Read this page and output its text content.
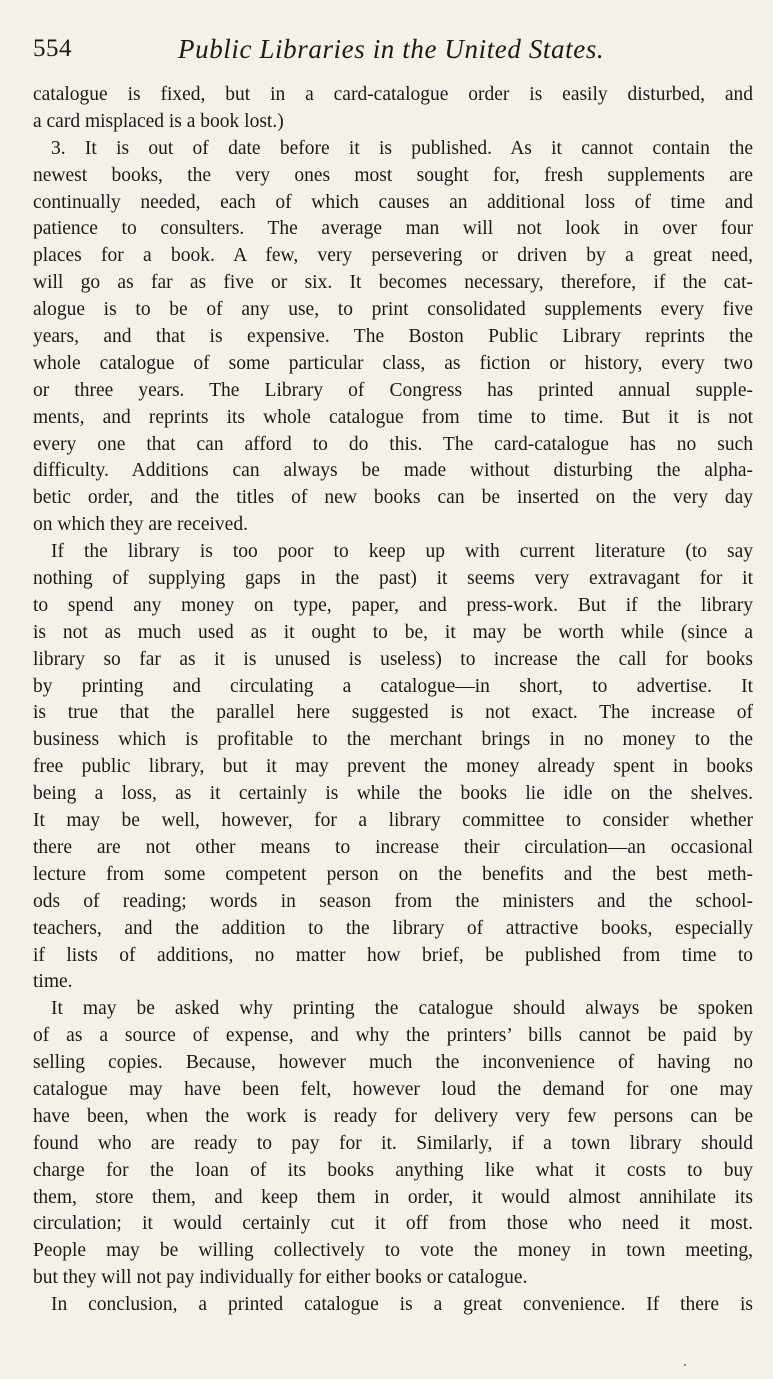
554	Public Libraries in the United States.
catalogue is fixed, but in a card-catalogue order is easily disturbed, and
a card misplaced is a book lost.)
3. It is out of date before it is published. As it cannot contain the
newest books, the very ones most sought for, fresh supplements are
continually needed, each of which causes an additional loss of time and
patience to consulters. The average man will not look in over four
places for a book. A few, very persevering or driven by a great need,
will go as far as five or six. It becomes necessary, therefore, if the cat-
alogue is to be of any use, to print consolidated supplements every five
years, and that is expensive. The Boston Public Library reprints the
whole catalogue of some particular class, as fiction or history, every two
or three years. The Library of Congress has printed annual supple-
ments, and reprints its whole catalogue from time to time. But it is not
every one that can afford to do this. The card-catalogue has no such
difficulty. Additions can always be made without disturbing the alpha-
betic order, and the titles of new books can be inserted on the very day
on which they are received.
If the library is too poor to keep up with current literature (to say
nothing of supplying gaps in the past) it seems very extravagant for it
to spend any money on type, paper, and press-work. But if the library
is not as much used as it ought to be, it may be worth while (since a
library so far as it is unused is useless) to increase the call for books
by printing and circulating a catalogue—in short, to advertise. It
is true that the parallel here suggested is not exact. The increase of
business which is profitable to the merchant brings in no money to the
free public library, but it may prevent the money already spent in books
being a loss, as it certainly is while the books lie idle on the shelves.
It may be well, however, for a library committee to consider whether
there are not other means to increase their circulation—an occasional
lecture from some competent person on the benefits and the best meth-
ods of reading; words in season from the ministers and the school-
teachers, and the addition to the library of attractive books, especially
if lists of additions, no matter how brief, be published from time to
time.
It may be asked why printing the catalogue should always be spoken
of as a source of expense, and why the printers’ bills cannot be paid by
selling copies. Because, however much the inconvenience of having no
catalogue may have been felt, however loud the demand for one may
have been, when the work is ready for delivery very few persons can be
found who are ready to pay for it. Similarly, if a town library should
charge for the loan of its books anything like what it costs to buy
them, store them, and keep them in order, it would almost annihilate its
circulation; it would certainly cut it off from those who need it most.
People may be willing collectively to vote the money in town meeting,
but they will not pay individually for either books or catalogue.
In conclusion, a printed catalogue is a great convenience. If there is
